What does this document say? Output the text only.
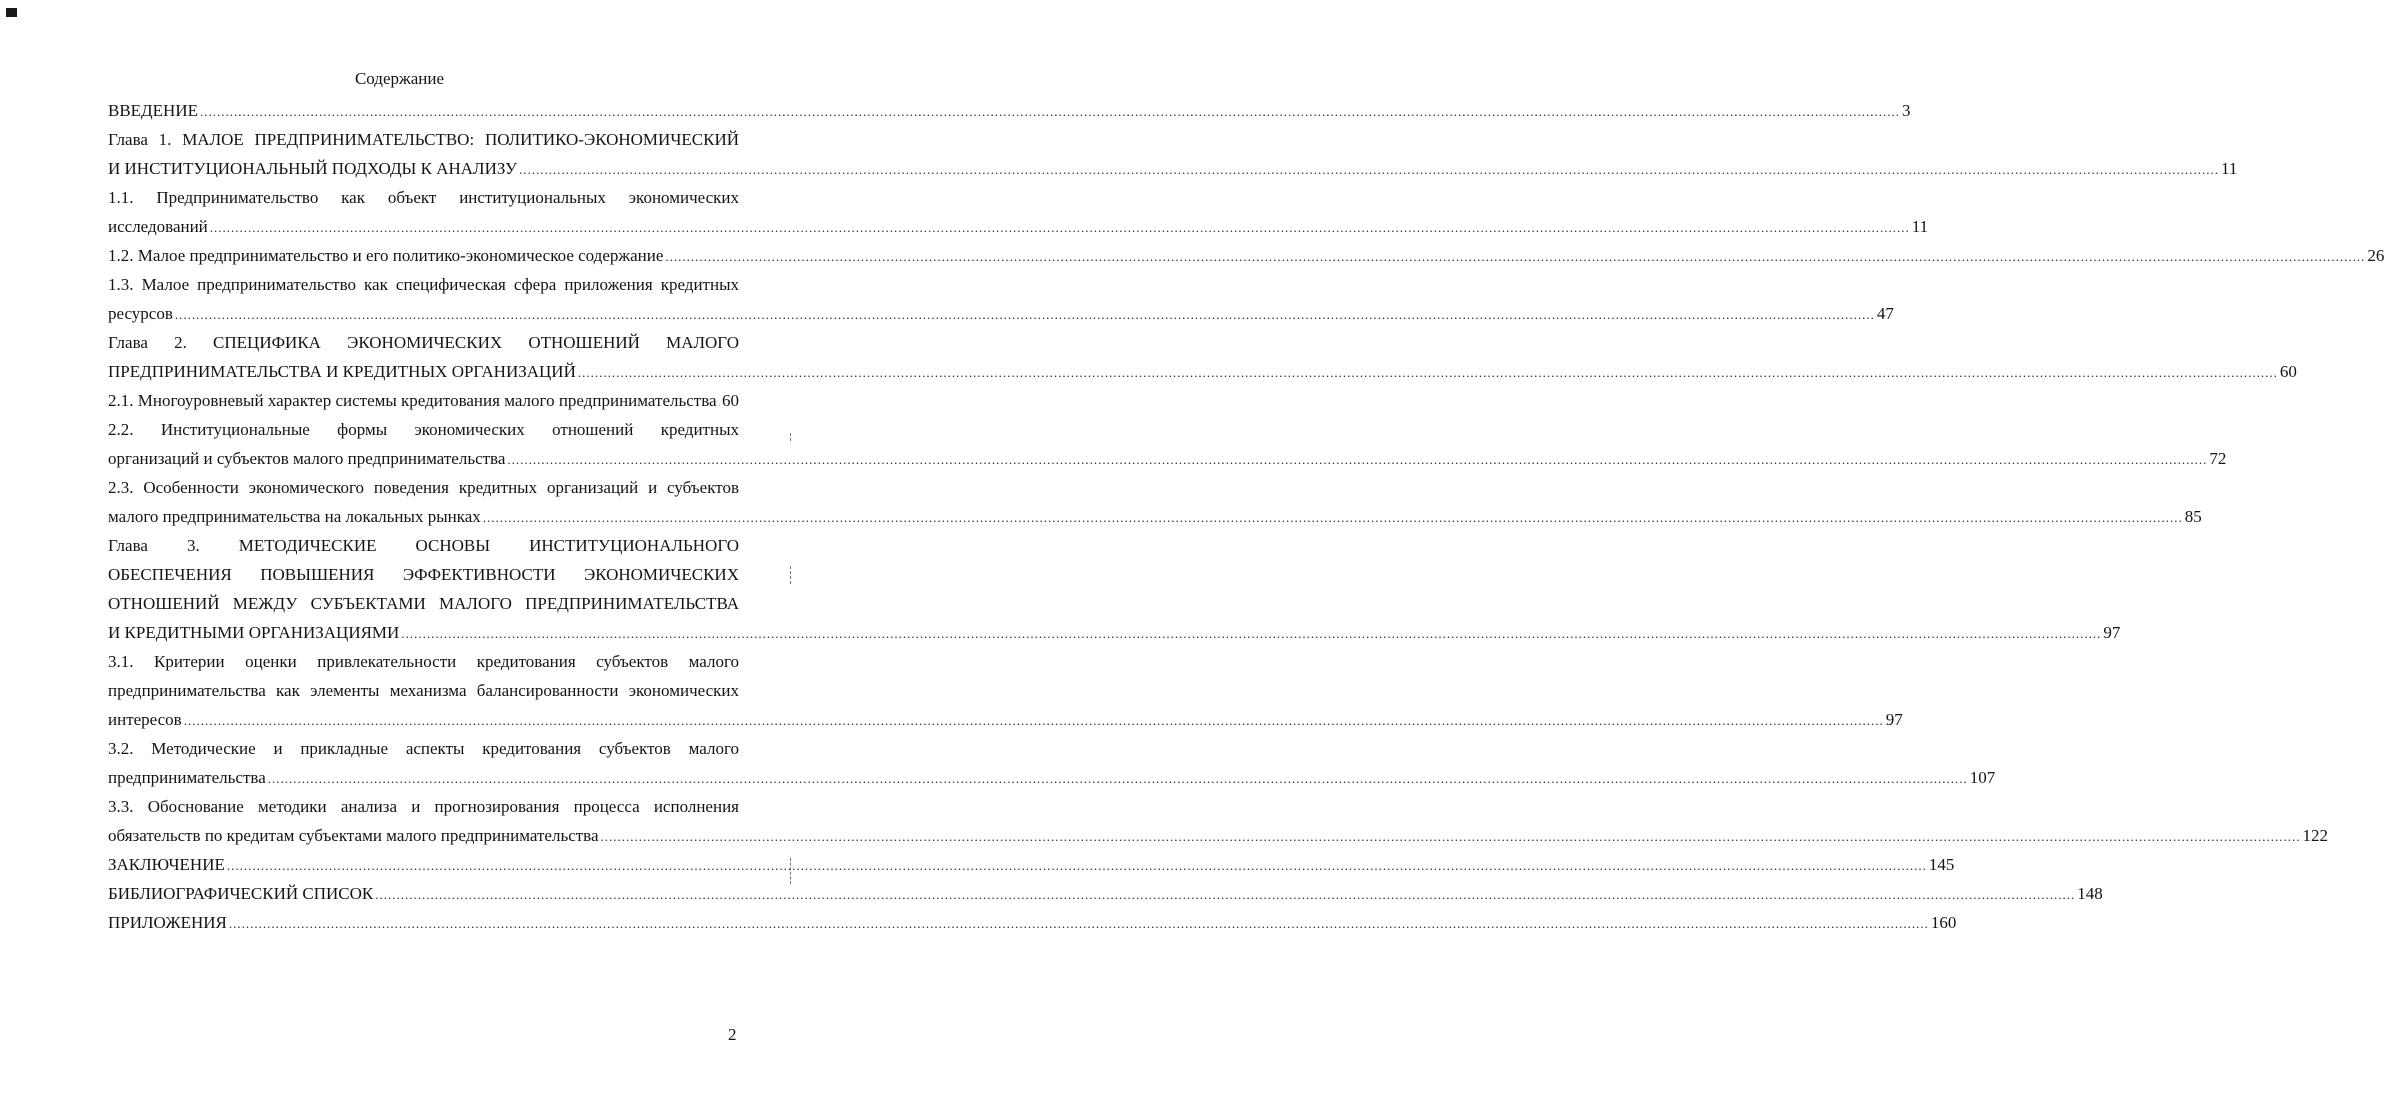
Содержание
ВВЕДЕНИЕ ................................................................................................................................................................................................................................................................................................................................................................................................................ 3
Глава 1. МАЛОЕ ПРЕДПРИНИМАТЕЛЬСТВО: ПОЛИТИКО-ЭКОНОМИЧЕСКИЙ
И ИНСТИТУЦИОНАЛЬНЫЙ ПОДХОДЫ К АНАЛИЗУ ................................................................................................................................................................................................................................................................................................................................................................................................................ 11
1.1. Предпринимательство как объект институциональных экономических
исследований ................................................................................................................................................................................................................................................................................................................................................................................................................ 11
1.2. Малое предпринимательство и его политико-экономическое содержание ................................................................................................................................................................................................................................................................................................................................................................................................................ 26
1.3. Малое предпринимательство как специфическая сфера приложения кредитных
ресурсов ................................................................................................................................................................................................................................................................................................................................................................................................................ 47
Глава 2. СПЕЦИФИКА ЭКОНОМИЧЕСКИХ ОТНОШЕНИЙ МАЛОГО
ПРЕДПРИНИМАТЕЛЬСТВА И КРЕДИТНЫХ ОРГАНИЗАЦИЙ ................................................................................................................................................................................................................................................................................................................................................................................................................ 60
2.1. Многоуровневый характер системы кредитования малого предпринимательства 60
2.2. Институциональные формы экономических отношений кредитных
организаций и субъектов малого предпринимательства ................................................................................................................................................................................................................................................................................................................................................................................................................ 72
2.3. Особенности экономического поведения кредитных организаций и субъектов
малого предпринимательства на локальных рынках ................................................................................................................................................................................................................................................................................................................................................................................................................ 85
Глава 3. МЕТОДИЧЕСКИЕ ОСНОВЫ ИНСТИТУЦИОНАЛЬНОГО
ОБЕСПЕЧЕНИЯ ПОВЫШЕНИЯ ЭФФЕКТИВНОСТИ ЭКОНОМИЧЕСКИХ
ОТНОШЕНИЙ МЕЖДУ СУБЪЕКТАМИ МАЛОГО ПРЕДПРИНИМАТЕЛЬСТВА
И КРЕДИТНЫМИ ОРГАНИЗАЦИЯМИ ................................................................................................................................................................................................................................................................................................................................................................................................................ 97
3.1. Критерии оценки привлекательности кредитования субъектов малого
предпринимательства как элементы механизма балансированности экономических
интересов ................................................................................................................................................................................................................................................................................................................................................................................................................ 97
3.2. Методические и прикладные аспекты кредитования субъектов малого
предпринимательства ................................................................................................................................................................................................................................................................................................................................................................................................................ 107
3.3. Обоснование методики анализа и прогнозирования процесса исполнения
обязательств по кредитам субъектами малого предпринимательства ................................................................................................................................................................................................................................................................................................................................................................................................................ 122
ЗАКЛЮЧЕНИЕ ................................................................................................................................................................................................................................................................................................................................................................................................................ 145
БИБЛИОГРАФИЧЕСКИЙ СПИСОК ................................................................................................................................................................................................................................................................................................................................................................................................................ 148
ПРИЛОЖЕНИЯ ................................................................................................................................................................................................................................................................................................................................................................................................................ 160
2
